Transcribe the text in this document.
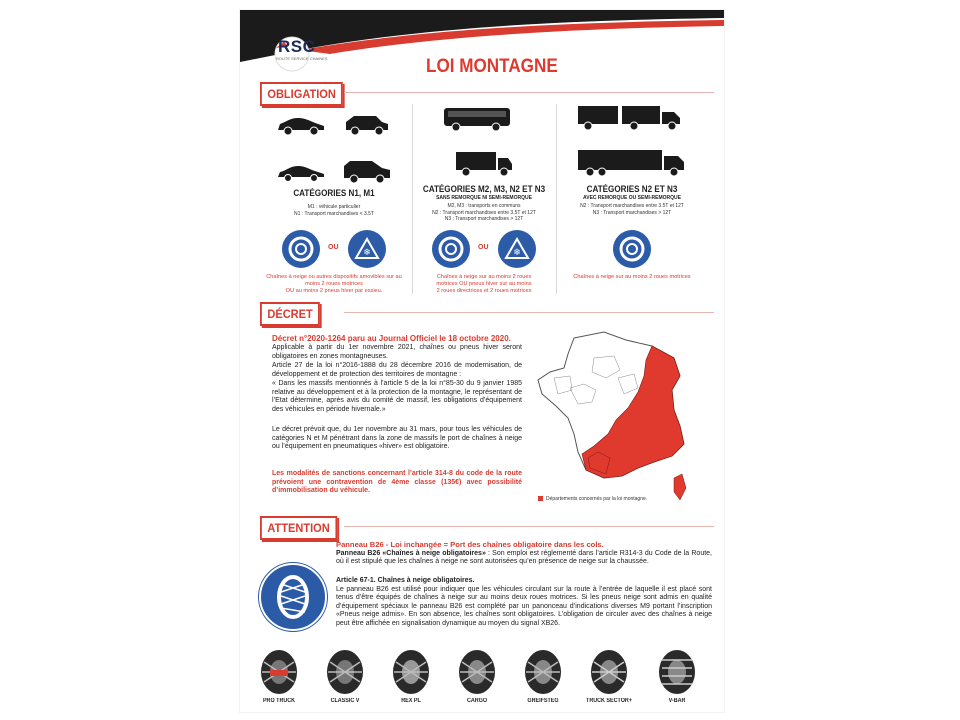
RSC
ROUTE SERVICE CHAINES	LOI MONTAGNE
OBLIGATION
CATÉGORIES N1, M1
M1 : véhicule particulier
N1 : Transport marchandises < 3.5T
OU
❄
Chaînes à neige ou autres dispositifs amovibles sur au
moins 2 roues motrices
OU au moins 2 pneus hiver par essieu.
CATÉGORIES M2, M3, N2 ET N3
SANS REMORQUE NI SEMI-REMORQUE
M2, M3 : transports en communs
N2 : Transport marchandises entre 3.5T et 12T
N3 : Transport marchandises > 12T
OU
❄
Chaînes à neige sur au moins 2 roues
motrices OU pneus hiver sur au moins
2 roues directrices et 2 roues motrices
CATÉGORIES N2 ET N3
AVEC REMORQUE OU SEMI-REMORQUE
N2 : Transport marchandises entre 3.5T et 12T
N3 : Transport marchandises > 12T
Chaînes à neige sur au moins 2 roues motrices
DÉCRET
Décret n°2020-1264 paru au Journal Officiel le 18 octobre 2020.
Applicable à partir du 1er novembre 2021, chaînes ou pneus hiver seront obligatoires en zones montagneuses.
Article 27 de la loi n°2016-1888 du 28 décembre 2016 de modernisation, de développement et de protection des territoires de montagne :
« Dans les massifs mentionnés à l’article 5 de la loi n°85-30 du 9 janvier 1985 relative au développement et à la protection de la montagne, le représentant de l’Etat détermine, après avis du comité de massif, les obligations d’équipement des véhicules en période hivernale.»
Le décret prévoit que, du 1er novembre au 31 mars, pour tous les véhicules de catégories N et M pénétrant dans la zone de massifs le port de chaînes à neige ou l’équipement en pneumatiques «hiver» est obligatoire.
Les modalités de sanctions concernant l’article 314-8 du code de la route prévoient une contravention de 4ème classe (135€) avec possibilité d’immobilisation du véhicule.
Départements concernés par la loi montagne.
ATTENTION
Panneau B26 - Loi inchangée = Port des chaînes obligatoire dans les cols.
Panneau B26 «Chaînes à neige obligatoires» : Son emploi est réglementé dans l’article R314-3 du Code de la Route, où il est stipulé que les chaînes à neige ne sont autorisées qu’en présence de neige sur la chaussée.
Article 67-1. Chaînes à neige obligatoires.
Le panneau B26 est utilisé pour indiquer que les véhicules circulant sur la route à l’entrée de laquelle il est placé sont tenus d’être équipés de chaînes à neige sur au moins deux roues motrices. Si les pneus neige sont admis en qualité d’équipement spéciaux le panneau B26 est complété par un panonceau d’indications diverses M9 portant l’inscription «Pneus neige admis». En son absence, les chaînes sont obligatoires. L’obligation de circuler avec des chaînes à neige peut être affichée en signalisation dynamique au moyen du signal XB26.
PRO TRUCK	CLASSIC V	REX PL	CARGO	GREIFSTEG	TRUCK SECTOR+	V-BAR
